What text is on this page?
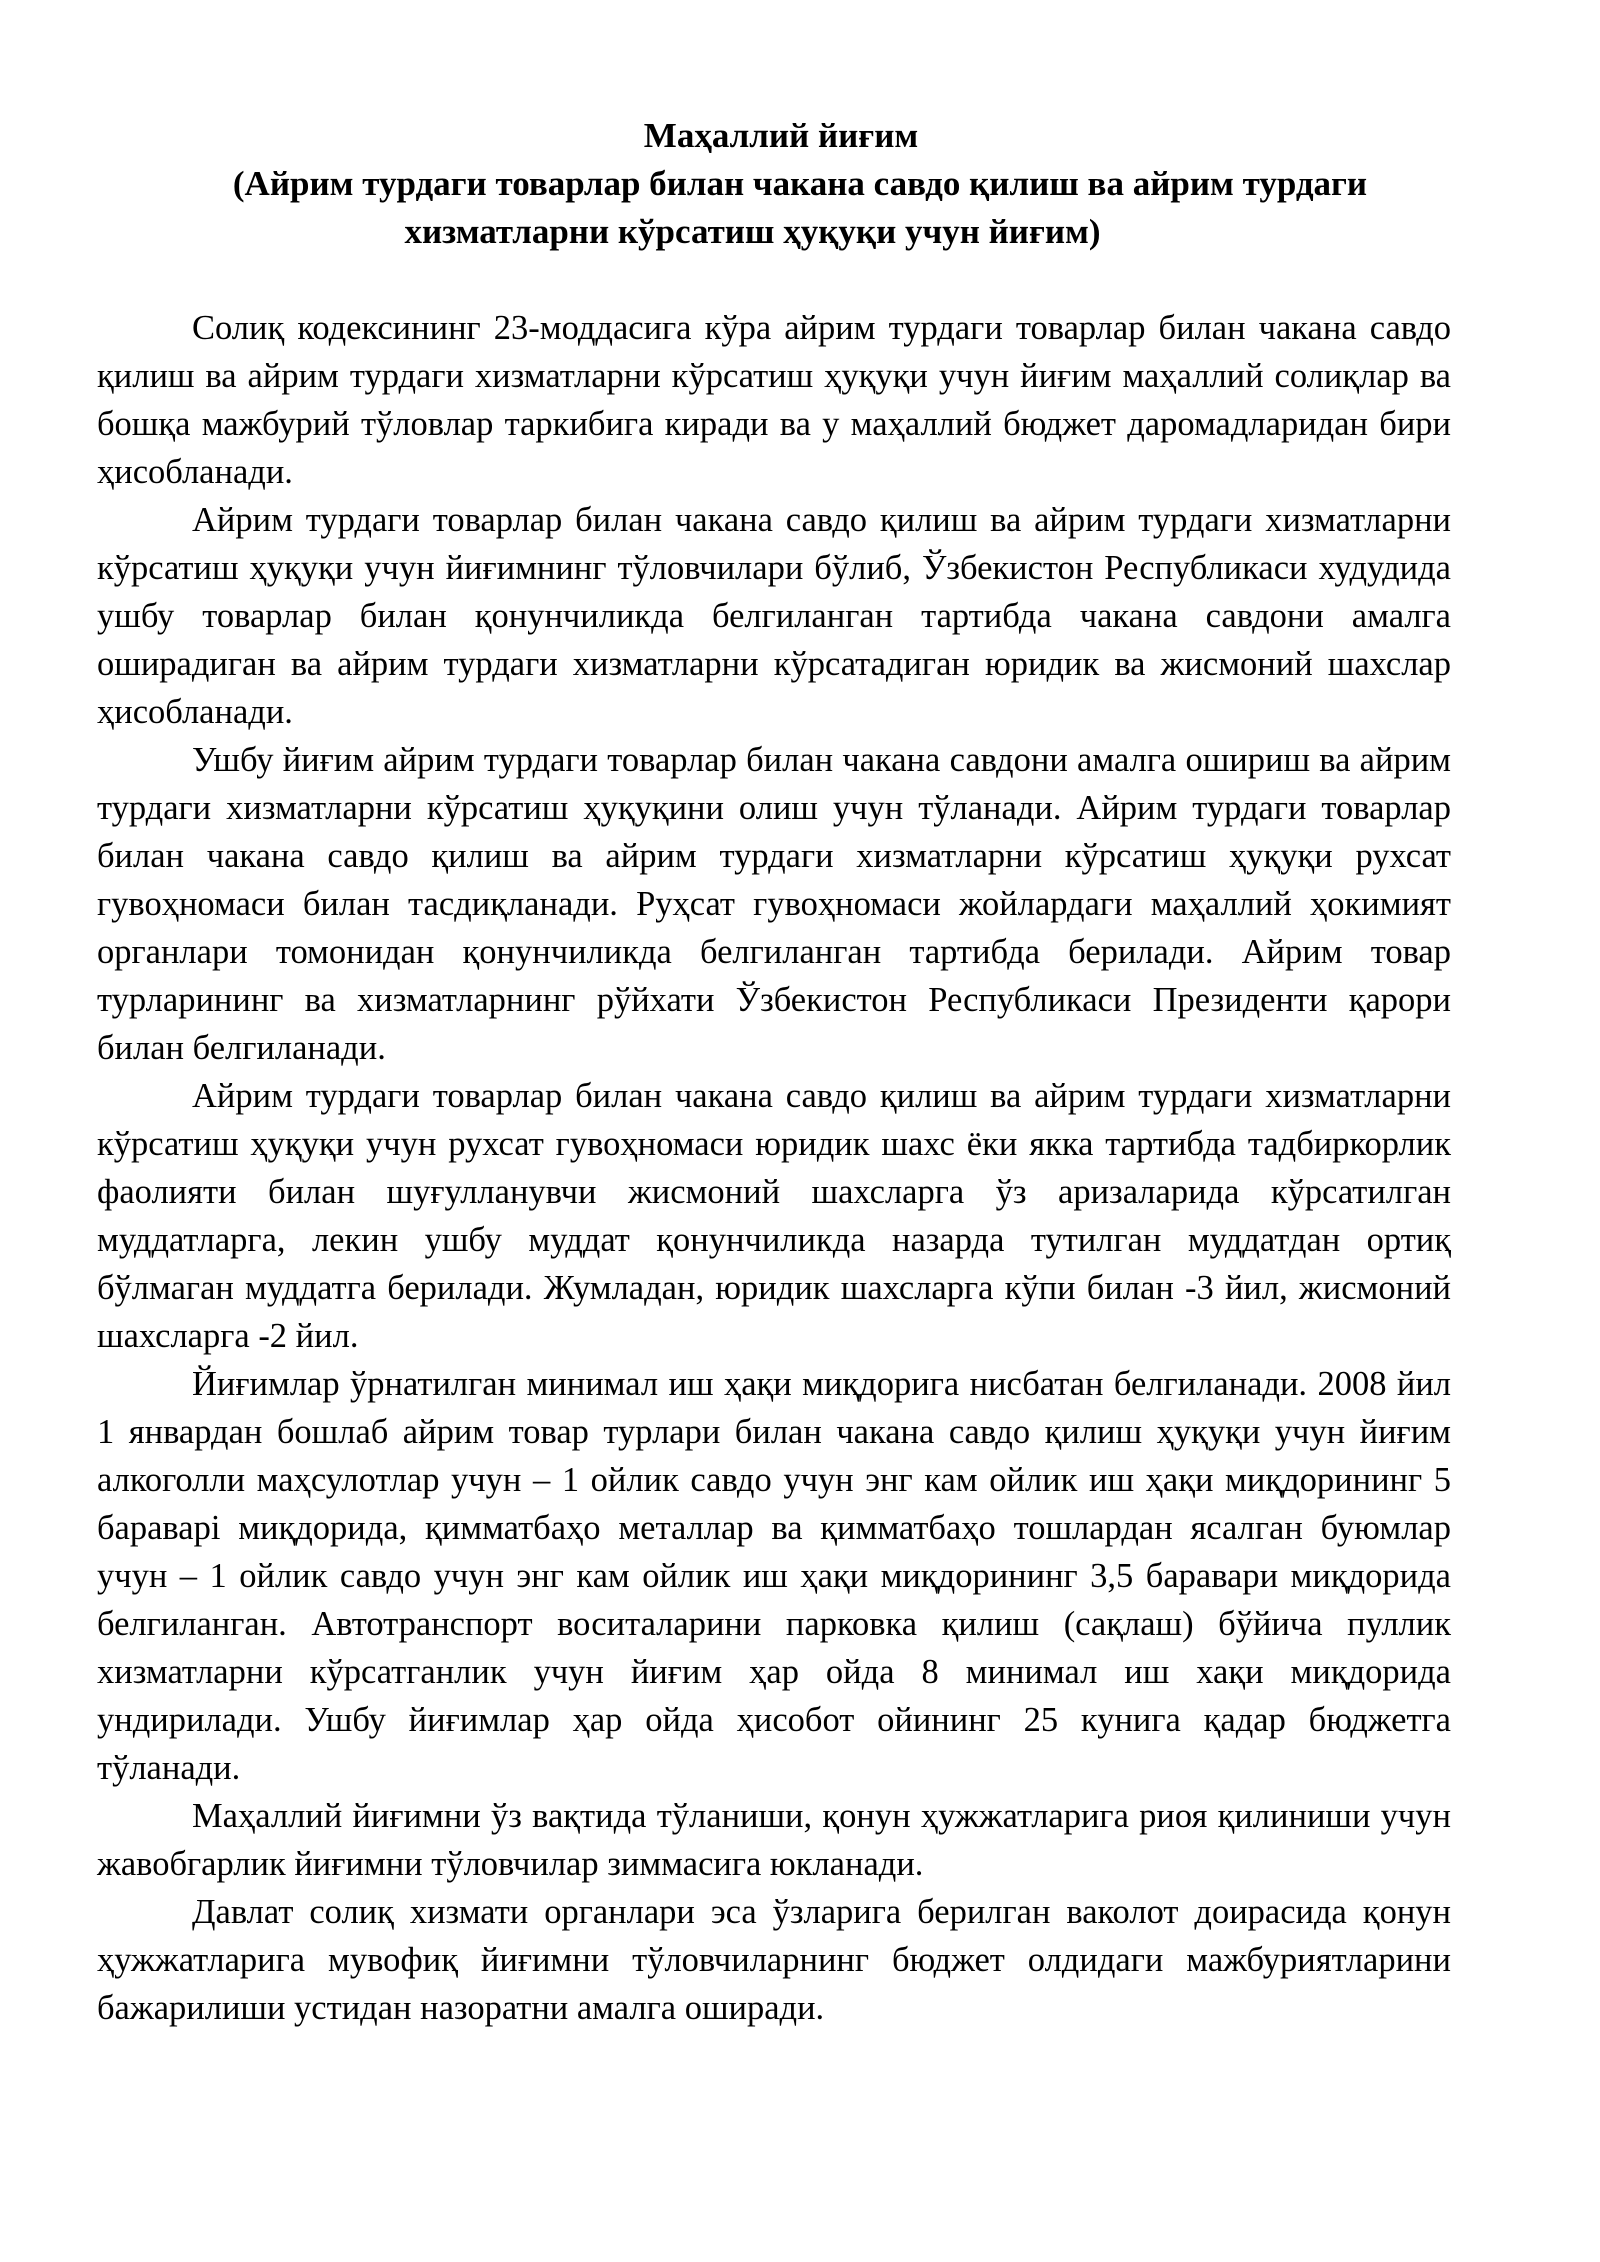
Маҳаллий йиғим
(Айрим турдаги товарлар билан чакана савдо қилиш ва айрим турдаги
хизматларни кўрсатиш ҳуқуқи учун йиғим)

Солиқ кодексининг 23-моддасига кўра айрим турдаги товарлар билан чакана савдо қилиш ва айрим турдаги хизматларни кўрсатиш ҳуқуқи учун йиғим маҳаллий солиқлар ва бошқа мажбурий тўловлар таркибига киради ва у маҳаллий бюджет даромадларидан бири ҳисобланади.

Айрим турдаги товарлар билан чакана савдо қилиш ва айрим турдаги хизматларни кўрсатиш ҳуқуқи учун йиғимнинг тўловчилари бўлиб, Ўзбекистон Республикаси худудида ушбу товарлар билан қонунчиликда белгиланган тартибда чакана савдони амалга оширадиган ва айрим турдаги хизматларни кўрсатадиган юридик ва жисмоний шахслар ҳисобланади.

Ушбу йиғим айрим турдаги товарлар билан чакана савдони амалга ошириш ва айрим турдаги хизматларни кўрсатиш ҳуқуқини олиш учун тўланади. Айрим турдаги товарлар билан чакана савдо қилиш ва айрим турдаги хизматларни кўрсатиш ҳуқуқи рухсат гувоҳномаси билан тасдиқланади. Руҳсат гувоҳномаси жойлардаги маҳаллий ҳокимият органлари томонидан қонунчиликда белгиланган тартибда берилади. Айрим товар турларининг ва хизматларнинг рўйхати Ўзбекистон Республикаси Президенти қарори билан белгиланади.

Айрим турдаги товарлар билан чакана савдо қилиш ва айрим турдаги хизматларни кўрсатиш ҳуқуқи учун рухсат гувоҳномаси юридик шахс ёки якка тартибда тадбиркорлик фаолияти билан шуғулланувчи жисмоний шахсларга ўз аризаларида кўрсатилган муддатларга, лекин ушбу муддат қонунчиликда назарда тутилган муддатдан ортиқ бўлмаган муддатга берилади. Жумладан, юридик шахсларга кўпи билан -3 йил, жисмоний шахсларга -2 йил.

Йиғимлар ўрнатилган минимал иш ҳақи миқдорига нисбатан белгиланади. 2008 йил 1 январдан бошлаб айрим товар турлари билан чакана савдо қилиш ҳуқуқи учун йиғим алкоголли маҳсулотлар учун – 1 ойлик савдо учун энг кам ойлик иш ҳақи миқдорининг 5 бараварi миқдорида, қимматбаҳо металлар ва қимматбаҳо тошлардан ясалган буюмлар учун – 1 ойлик савдо учун энг кам ойлик иш ҳақи миқдорининг 3,5 баравари миқдорида белгиланган. Автотранспорт воситаларини парковка қилиш (сақлаш) бўйича пуллик хизматларни кўрсатганлик учун йиғим ҳар ойда 8 минимал иш хақи миқдорида ундирилади. Ушбу йиғимлар ҳар ойда ҳисобот ойининг 25 кунига қадар бюджетга тўланади.

Маҳаллий йиғимни ўз вақтида тўланиши, қонун ҳужжатларига риоя қилиниши учун жавобгарлик йиғимни тўловчилар зиммасига юкланади.

Давлат солиқ хизмати органлари эса ўзларига берилган ваколот доирасида қонун ҳужжатларига мувофиқ йиғимни тўловчиларнинг бюджет олдидаги мажбуриятларини бажарилиши устидан назоратни амалга оширади.
